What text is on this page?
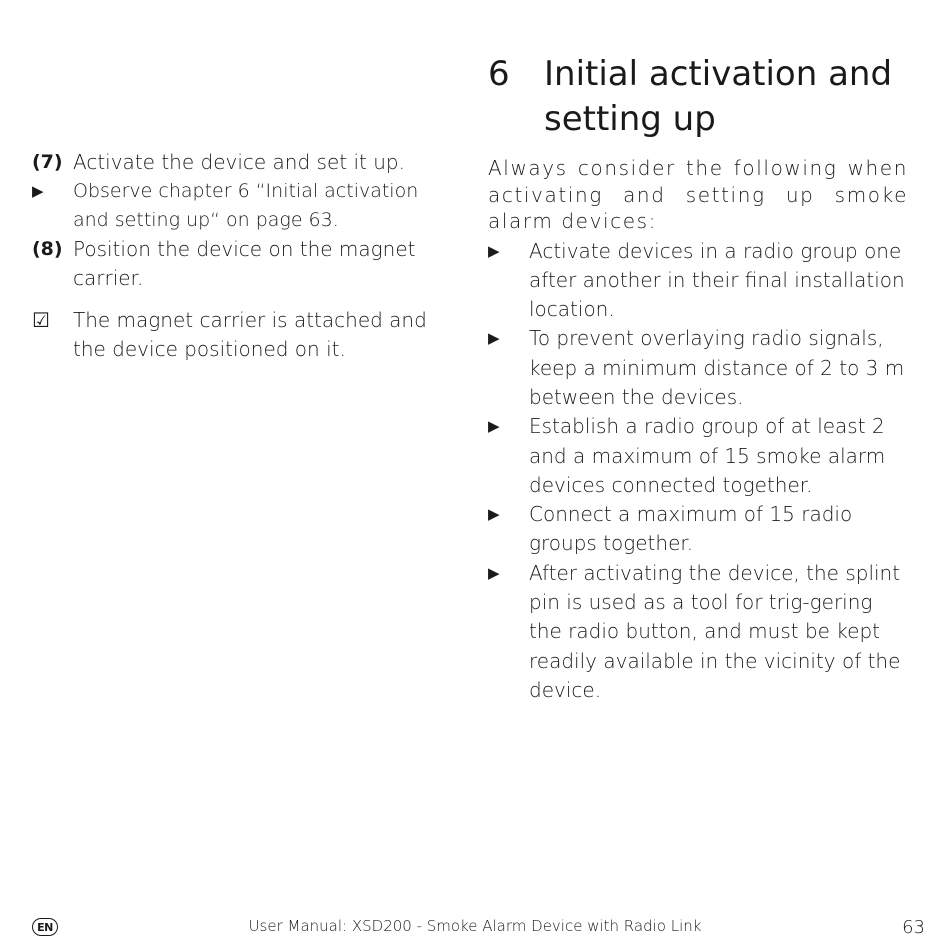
(7) Activate the device and set it up.
▶	Observe chapter 6 “Initial activation and setting up“ on page 63.
(8) Position the device on the magnet carrier.
☑	The magnet carrier is attached and the device positioned on it.
6	Initial activation and setting up
Always consider the following when activating and setting up smoke alarm devices:
▶	Activate devices in a radio group one after another in their final installation location.
▶	To prevent overlaying radio signals, keep a minimum distance of 2 to 3 m between the devices.
▶	Establish a radio group of at least 2 and a maximum of 15 smoke alarm devices connected together.
▶	Connect a maximum of 15 radio groups together.
▶	After activating the device, the splint pin is used as a tool for trig-gering the radio button, and must be kept readily available in the vicinity of the device.
EN	User Manual: XSD200 - Smoke Alarm Device with Radio Link	63
